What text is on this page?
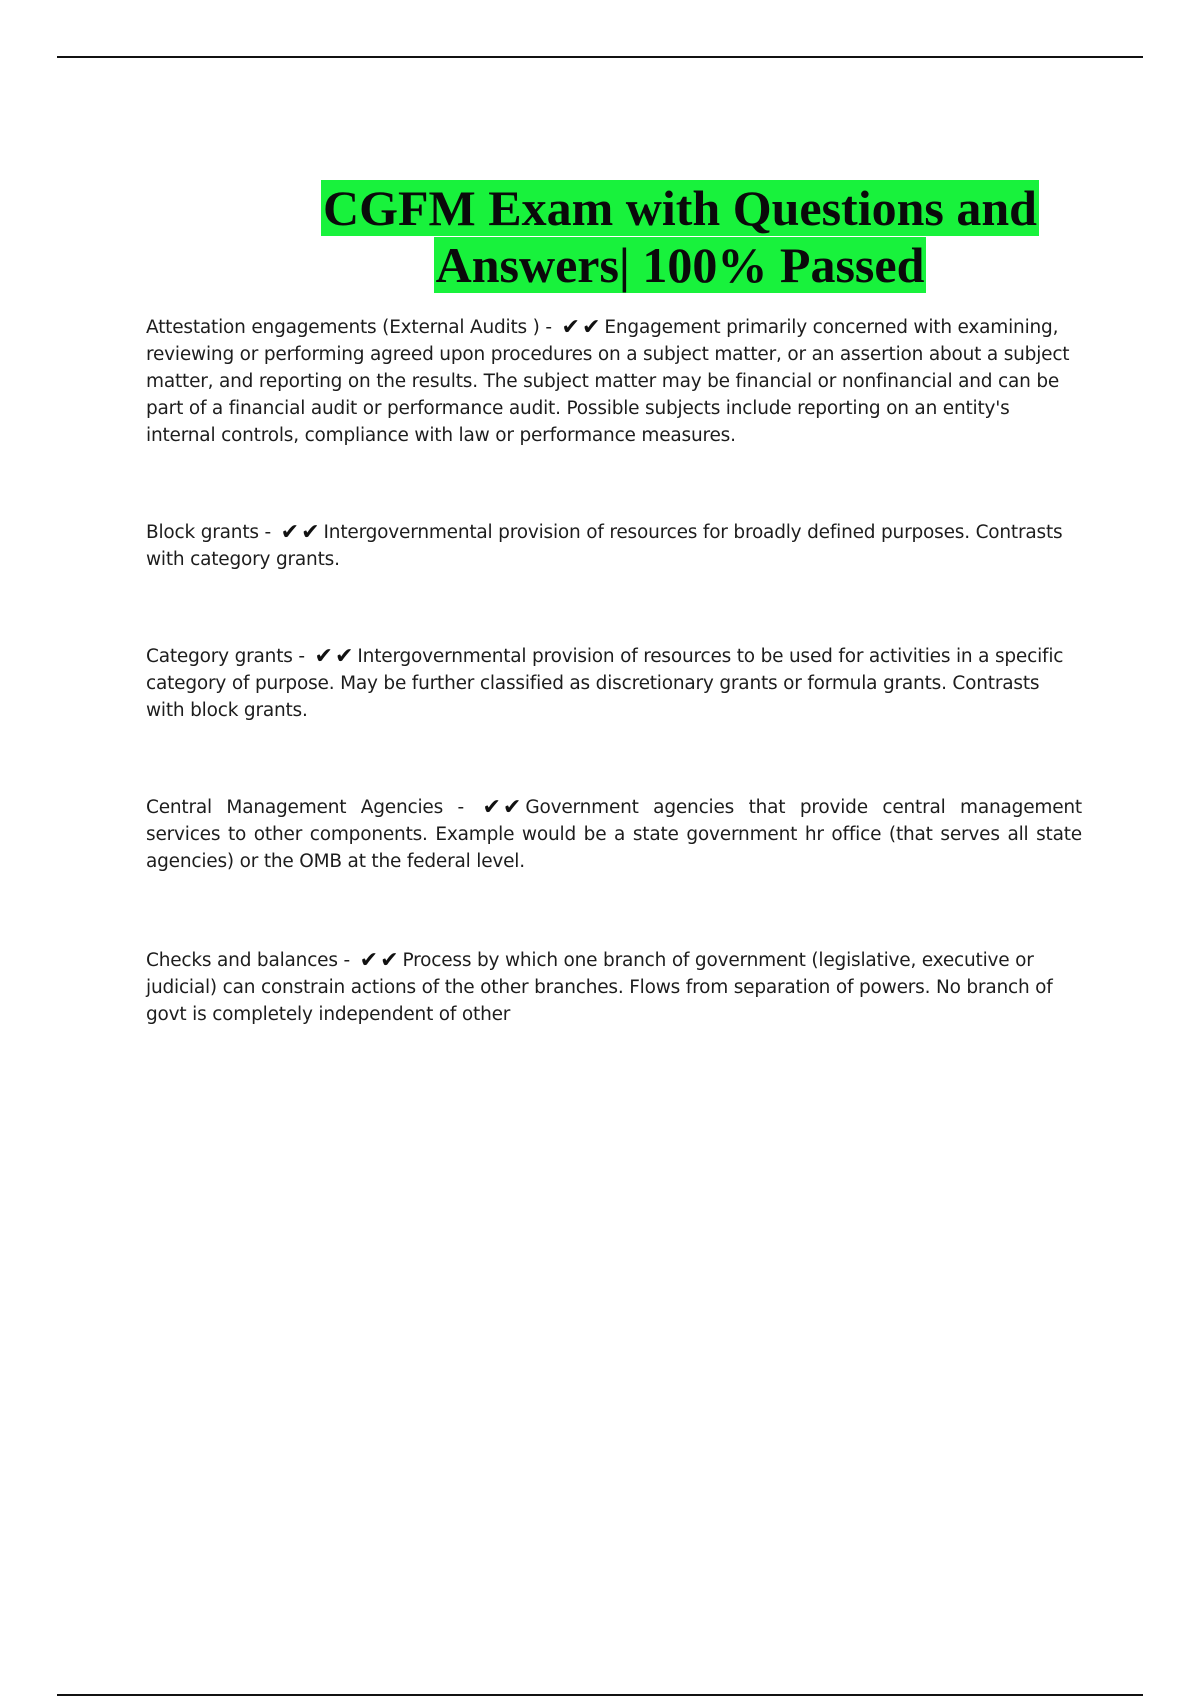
CGFM Exam with Questions and
Answers| 100% Passed

Attestation engagements (External Audits ) - ✔✔ Engagement primarily concerned with examining, reviewing or performing agreed upon procedures on a subject matter, or an assertion about a subject matter, and reporting on the results. The subject matter may be financial or nonfinancial and can be part of a financial audit or performance audit. Possible subjects include reporting on an entity's internal controls, compliance with law or performance measures.

Block grants - ✔✔ Intergovernmental provision of resources for broadly defined purposes. Contrasts with category grants.

Category grants - ✔✔ Intergovernmental provision of resources to be used for activities in a specific category of purpose. May be further classified as discretionary grants or formula grants. Contrasts with block grants.

Central Management Agencies - ✔✔ Government agencies that provide central management services to other components. Example would be a state government hr office (that serves all state agencies) or the OMB at the federal level.

Checks and balances - ✔✔ Process by which one branch of government (legislative, executive or judicial) can constrain actions of the other branches. Flows from separation of powers. No branch of govt is completely independent of other
